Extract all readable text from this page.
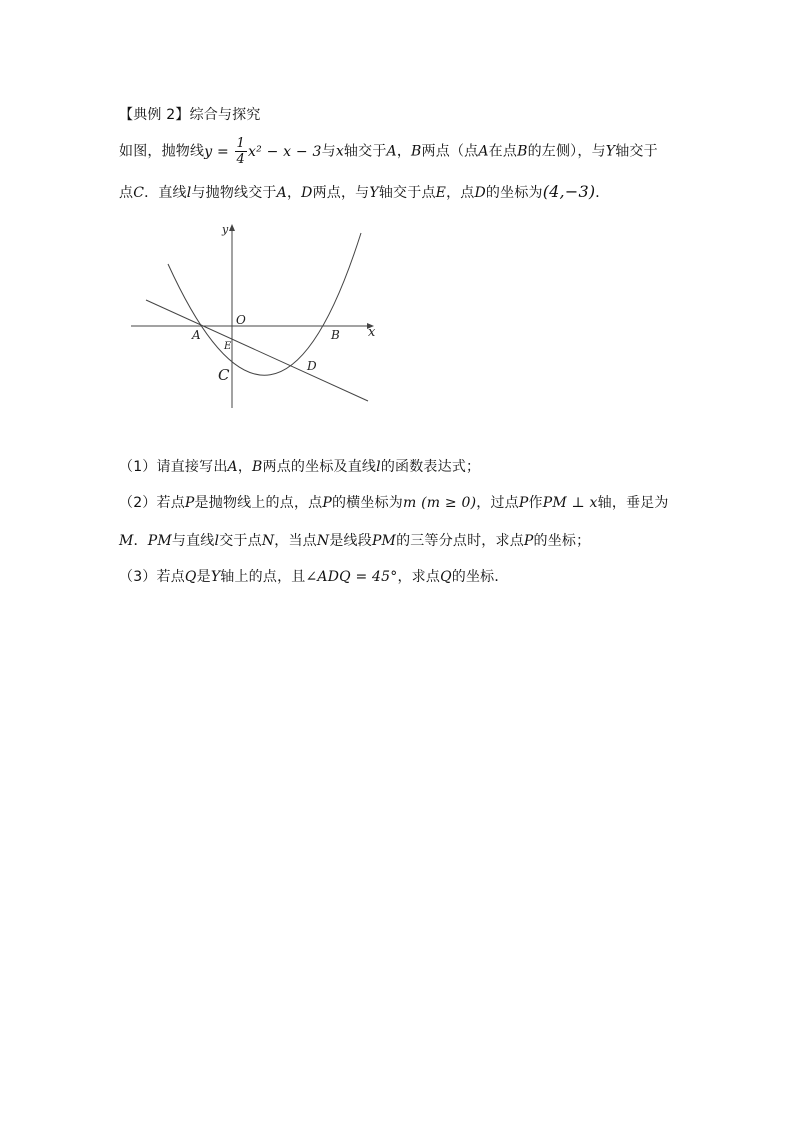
【典例 2】综合与探究
如图，抛物线$y = \frac{1}{4} x^2 - x - 3$与x轴交于A，B两点（点A在点B的左侧），与Y轴交于
点C．直线l与抛物线交于A，D两点，与Y轴交于点E，点D的坐标为(4,−3)．
y
x
O
A	B
E
C	D
（1）请直接写出A，B两点的坐标及直线l的函数表达式；
（2）若点P是抛物线上的点，点P的横坐标为m (m ≥ 0)，过点P作PM ⊥ x轴，垂足为
M．PM与直线l交于点N，当点N是线段PM的三等分点时，求点P的坐标；
（3）若点Q是Y轴上的点，且∠ADQ = 45°，求点Q的坐标．
